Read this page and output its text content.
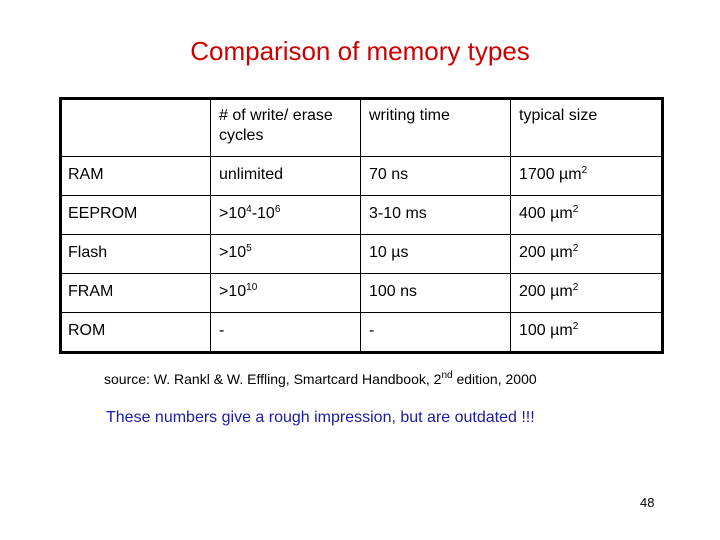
Comparison of memory types
	# of write/ erase cycles	writing time	typical size
RAM	unlimited	70 ns	1700 µm$^2$
EEPROM	$>10^4-10^6$	3-10 ms	400 µm$^2$
Flash	$>10^5$	10 µs	200 µm$^2$
FRAM	$>10^{10}$	100 ns	200 µm$^2$
ROM	-	-	100 µm$^2$
source: W. Rankl & W. Effling, Smartcard Handbook, 2nd edition, 2000
These numbers give a rough impression, but are outdated !!!
48
